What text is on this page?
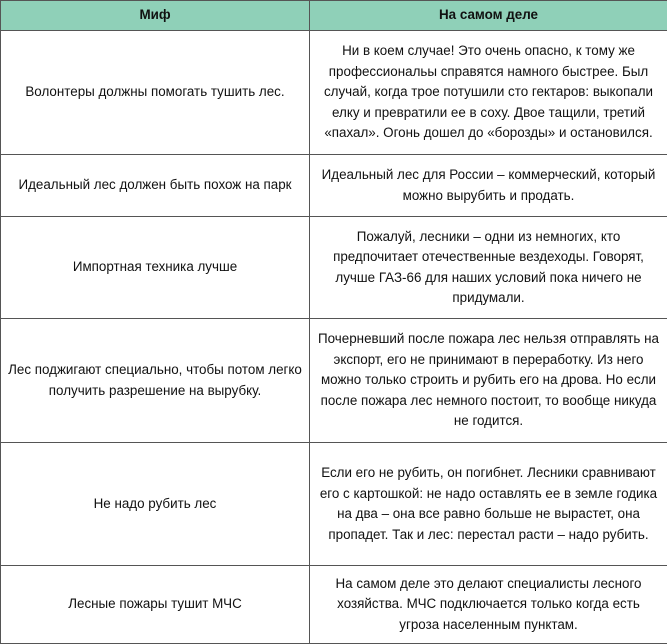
Миф	На самом деле
Волонтеры должны помогать тушить лес.	Ни в коем случае! Это очень опасно, к тому же профессиональы справятся намного быстрее. Был случай, когда трое потушили сто гектаров: выкопали елку и превратили ее в соху. Двое тащили, третий «пахал». Огонь дошел до «борозды» и остановился.
Идеальный лес должен быть похож на парк	Идеальный лес для России – коммерческий, который можно вырубить и продать.
Импортная техника лучше	Пожалуй, лесники – одни из немногих, кто предпочитает отечественные вездеходы. Говорят, лучше ГАЗ-66 для наших условий пока ничего не придумали.
Лес поджигают специально, чтобы потом легко получить разрешение на вырубку.	Почерневший после пожара лес нельзя отправлять на экспорт, его не принимают в переработку. Из него можно только строить и рубить его на дрова. Но если после пожара лес немного постоит, то вообще никуда не годится.
Не надо рубить лес	Если его не рубить, он погибнет. Лесники сравнивают его с картошкой: не надо оставлять ее в земле годика на два – она все равно больше не вырастет, она пропадет. Так и лес: перестал расти – надо рубить.
Лесные пожары тушит МЧС	На самом деле это делают специалисты лесного хозяйства. МЧС подключается только когда есть угроза населенным пунктам.
